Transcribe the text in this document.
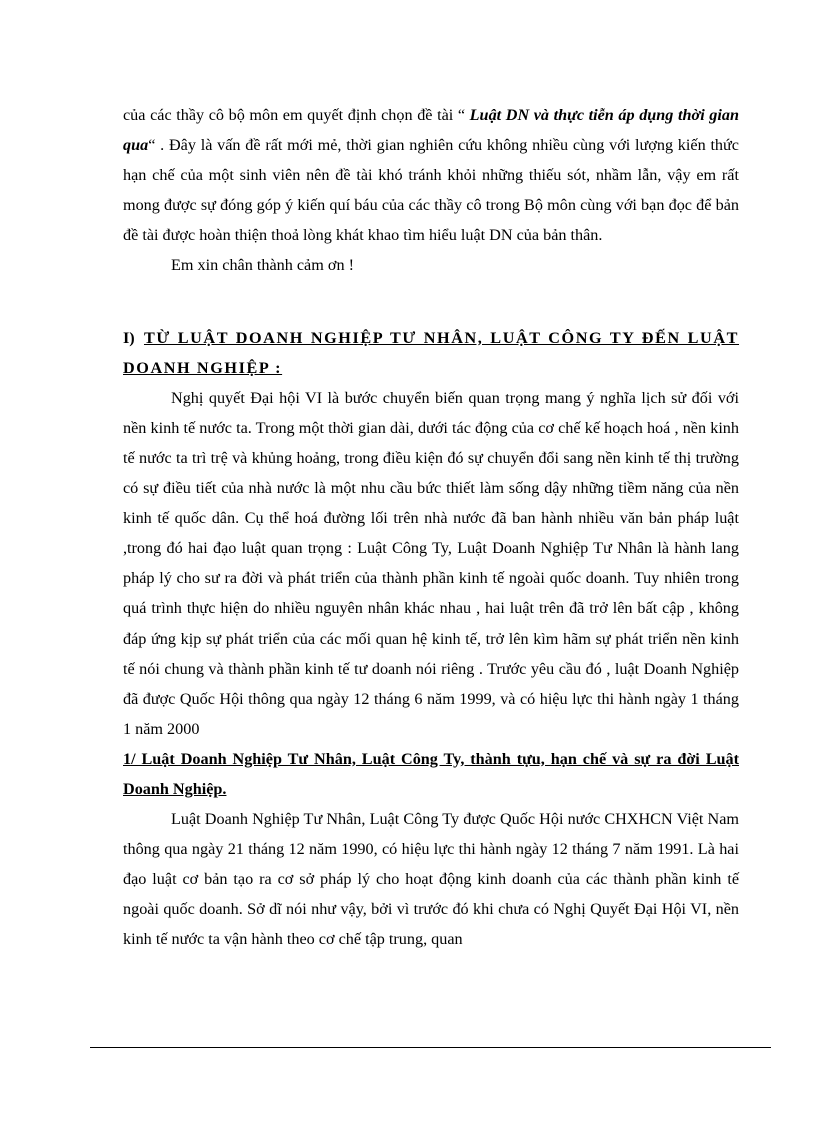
của các thầy cô bộ môn em quyết định chọn đề tài “ Luật DN và thực tiễn áp dụng thời gian qua“ . Đây là vấn đề rất mới mẻ, thời gian nghiên cứu không nhiều cùng với lượng kiến thức hạn chế của một sinh viên nên đề tài khó tránh khỏi những thiếu sót, nhầm lẫn, vậy em rất mong được sự đóng góp ý kiến quí báu của các thầy cô trong Bộ môn cùng với bạn đọc để bản đề tài được hoàn thiện thoả lòng khát khao tìm hiểu luật DN của bản thân.

Em xin chân thành cảm ơn !

I) TỪ LUẬT DOANH NGHIỆP TƯ NHÂN, LUẬT CÔNG TY ĐẾN LUẬT DOANH NGHIỆP :

Nghị quyết Đại hội VI là bước chuyển biến quan trọng mang ý nghĩa lịch sử đối với nền kinh tế nước ta. Trong một thời gian dài, dưới tác động của cơ chế kế hoạch hoá , nền kinh tế nước ta trì trệ và khủng hoảng, trong điều kiện đó sự chuyển đổi sang nền kinh tế thị trường có sự điều tiết của nhà nước là một nhu cầu bức thiết làm sống dậy những tiềm năng của nền kinh tế quốc dân. Cụ thể hoá đường lối trên nhà nước đã ban hành nhiều văn bản pháp luật ,trong đó hai đạo luật quan trọng : Luật Công Ty, Luật Doanh Nghiệp Tư Nhân là hành lang pháp lý cho sư ra đời và phát triển của thành phần kinh tế ngoài quốc doanh. Tuy nhiên trong quá trình thực hiện do nhiều nguyên nhân khác nhau , hai luật trên đã trở lên bất cập , không đáp ứng kịp sự phát triển của các mối quan hệ kinh tế, trở lên kìm hãm sự phát triển nền kinh tế nói chung và thành phần kinh tế tư doanh nói riêng . Trước yêu cầu đó , luật Doanh Nghiệp đã được Quốc Hội thông qua ngày 12 tháng 6 năm 1999, và có hiệu lực thi hành ngày 1 tháng 1 năm 2000

1/ Luật Doanh Nghiệp Tư Nhân, Luật Công Ty, thành tựu, hạn chế và sự ra đời Luật Doanh Nghiệp.

Luật Doanh Nghiệp Tư Nhân, Luật Công Ty được Quốc Hội nước CHXHCN Việt Nam thông qua ngày 21 tháng 12 năm 1990, có hiệu lực thi hành ngày 12 tháng 7 năm 1991. Là hai đạo luật cơ bản tạo ra cơ sở pháp lý cho hoạt động kinh doanh của các thành phần kinh tế ngoài quốc doanh. Sở dĩ nói như vậy, bởi vì trước đó khi chưa có Nghị Quyết Đại Hội VI, nền kinh tế nước ta vận hành theo cơ chế tập trung, quan
